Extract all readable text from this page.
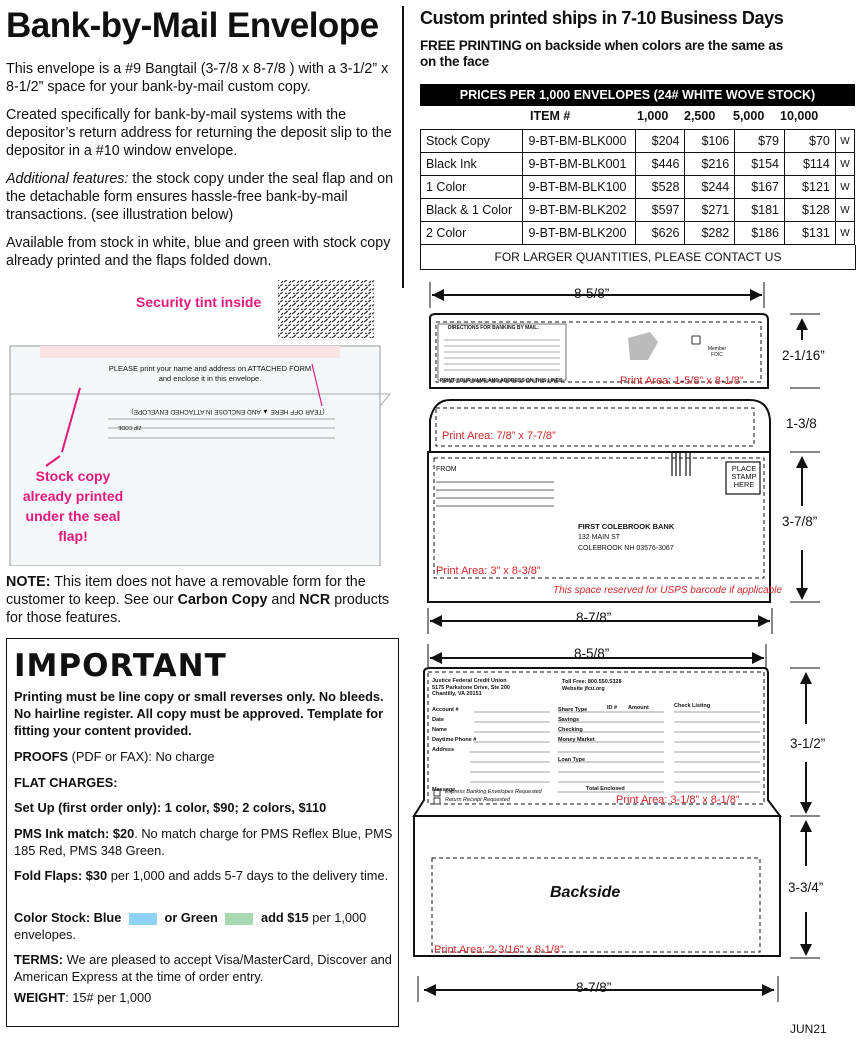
Bank-by-Mail Envelope

This envelope is a #9 Bangtail (3-7/8 x 8-7/8 ) with a 3-1/2” x 8-1/2” space for your bank-by-mail custom copy.

Created specifically for bank-by-mail systems with the depositor’s return address for returning the deposit slip to the depositor in a #10 window envelope.

Additional features: the stock copy under the seal flap and on the detachable form ensures hassle-free bank-by-mail transactions. (see illustration below)

Available from stock in white, blue and green with stock copy already printed and the flaps folded down.

Security tint inside
PLEASE print your name and address on ATTACHED FORM
and enclose it in this envelope.
(TEAR OFF HERE ▲ AND ENCLOSE IN ATTACHED ENVELOPE)
ZIP CODE
Stock copy already printed under the seal flap!

NOTE: This item does not have a removable form for the customer to keep. See our Carbon Copy and NCR products for those features.

IMPORTANT

Printing must be line copy or small reverses only. No bleeds. No hairline register. All copy must be approved. Template for fitting your content provided.

PROOFS (PDF or FAX): No charge

FLAT CHARGES:

Set Up (first order only): 1 color, $90; 2 colors, $110

PMS Ink match: $20. No match charge for PMS Reflex Blue, PMS 185 Red, PMS 348 Green.

Fold Flaps: $30 per 1,000 and adds 5-7 days to the delivery time.

Color Stock: Blue	or Green	add $15 per 1,000 envelopes.

TERMS: We are pleased to accept Visa/MasterCard, Discover and American Express at the time of order entry.

WEIGHT: 15# per 1,000

Custom printed ships in 7-10 Business Days
FREE PRINTING on backside when colors are the same as on the face
PRICES PER 1,000 ENVELOPES (24# WHITE WOVE STOCK)
ITEM #	1,000 2,500 5,000 10,000
Stock Copy	9-BT-BM-BLK000	$204	$106	$79	$70	W
Black Ink	9-BT-BM-BLK001	$446	$216	$154	$114	W
1 Color	9-BT-BM-BLK100	$528	$244	$167	$121	W
Black & 1 Color	9-BT-BM-BLK202	$597	$271	$181	$128	W
2 Color	9-BT-BM-BLK200	$626	$282	$186	$131	W
FOR LARGER QUANTITIES, PLEASE CONTACT US
8-5/8”
2-1/16”
1-3/8
3-7/8”
8-7/8”
DIRECTIONS FOR BANKING BY MAIL:
PRINT YOUR NAME AND ADDRESS ON THIS LINES.
Member FDIC
Print Area: 1-5/8” x 8-1/8”
Print Area: 7/8” x 7-7/8”
FROM	PLACE STAMP HERE
FIRST COLEBROOK BANK
132 MAIN ST
COLEBROOK NH 03576-3067
Print Area: 3” x 8-3/8”
This space reserved for USPS barcode if applicable
8-5/8”
3-1/2”
3-3/4”
8-7/8”
Justice Federal Credit Union
5175 Parkstone Drive, Ste 200
Chantilly, VA 20151
Toll Free: 800.550.5328
Website jfcu.org
Account #
Date
Name
Daytime Phone #
Address
Message
Share Type
Savings
Checking
Money Market
Loan Type
ID # Amount	Check Listing
Total Enclosed
Express Banking Envelopes Requested
Return Receipt Requested	Print Area: 3-1/8” x 8-1/8”
Backside
Print Area: 2-3/16” x 8-1/8”
JUN21
